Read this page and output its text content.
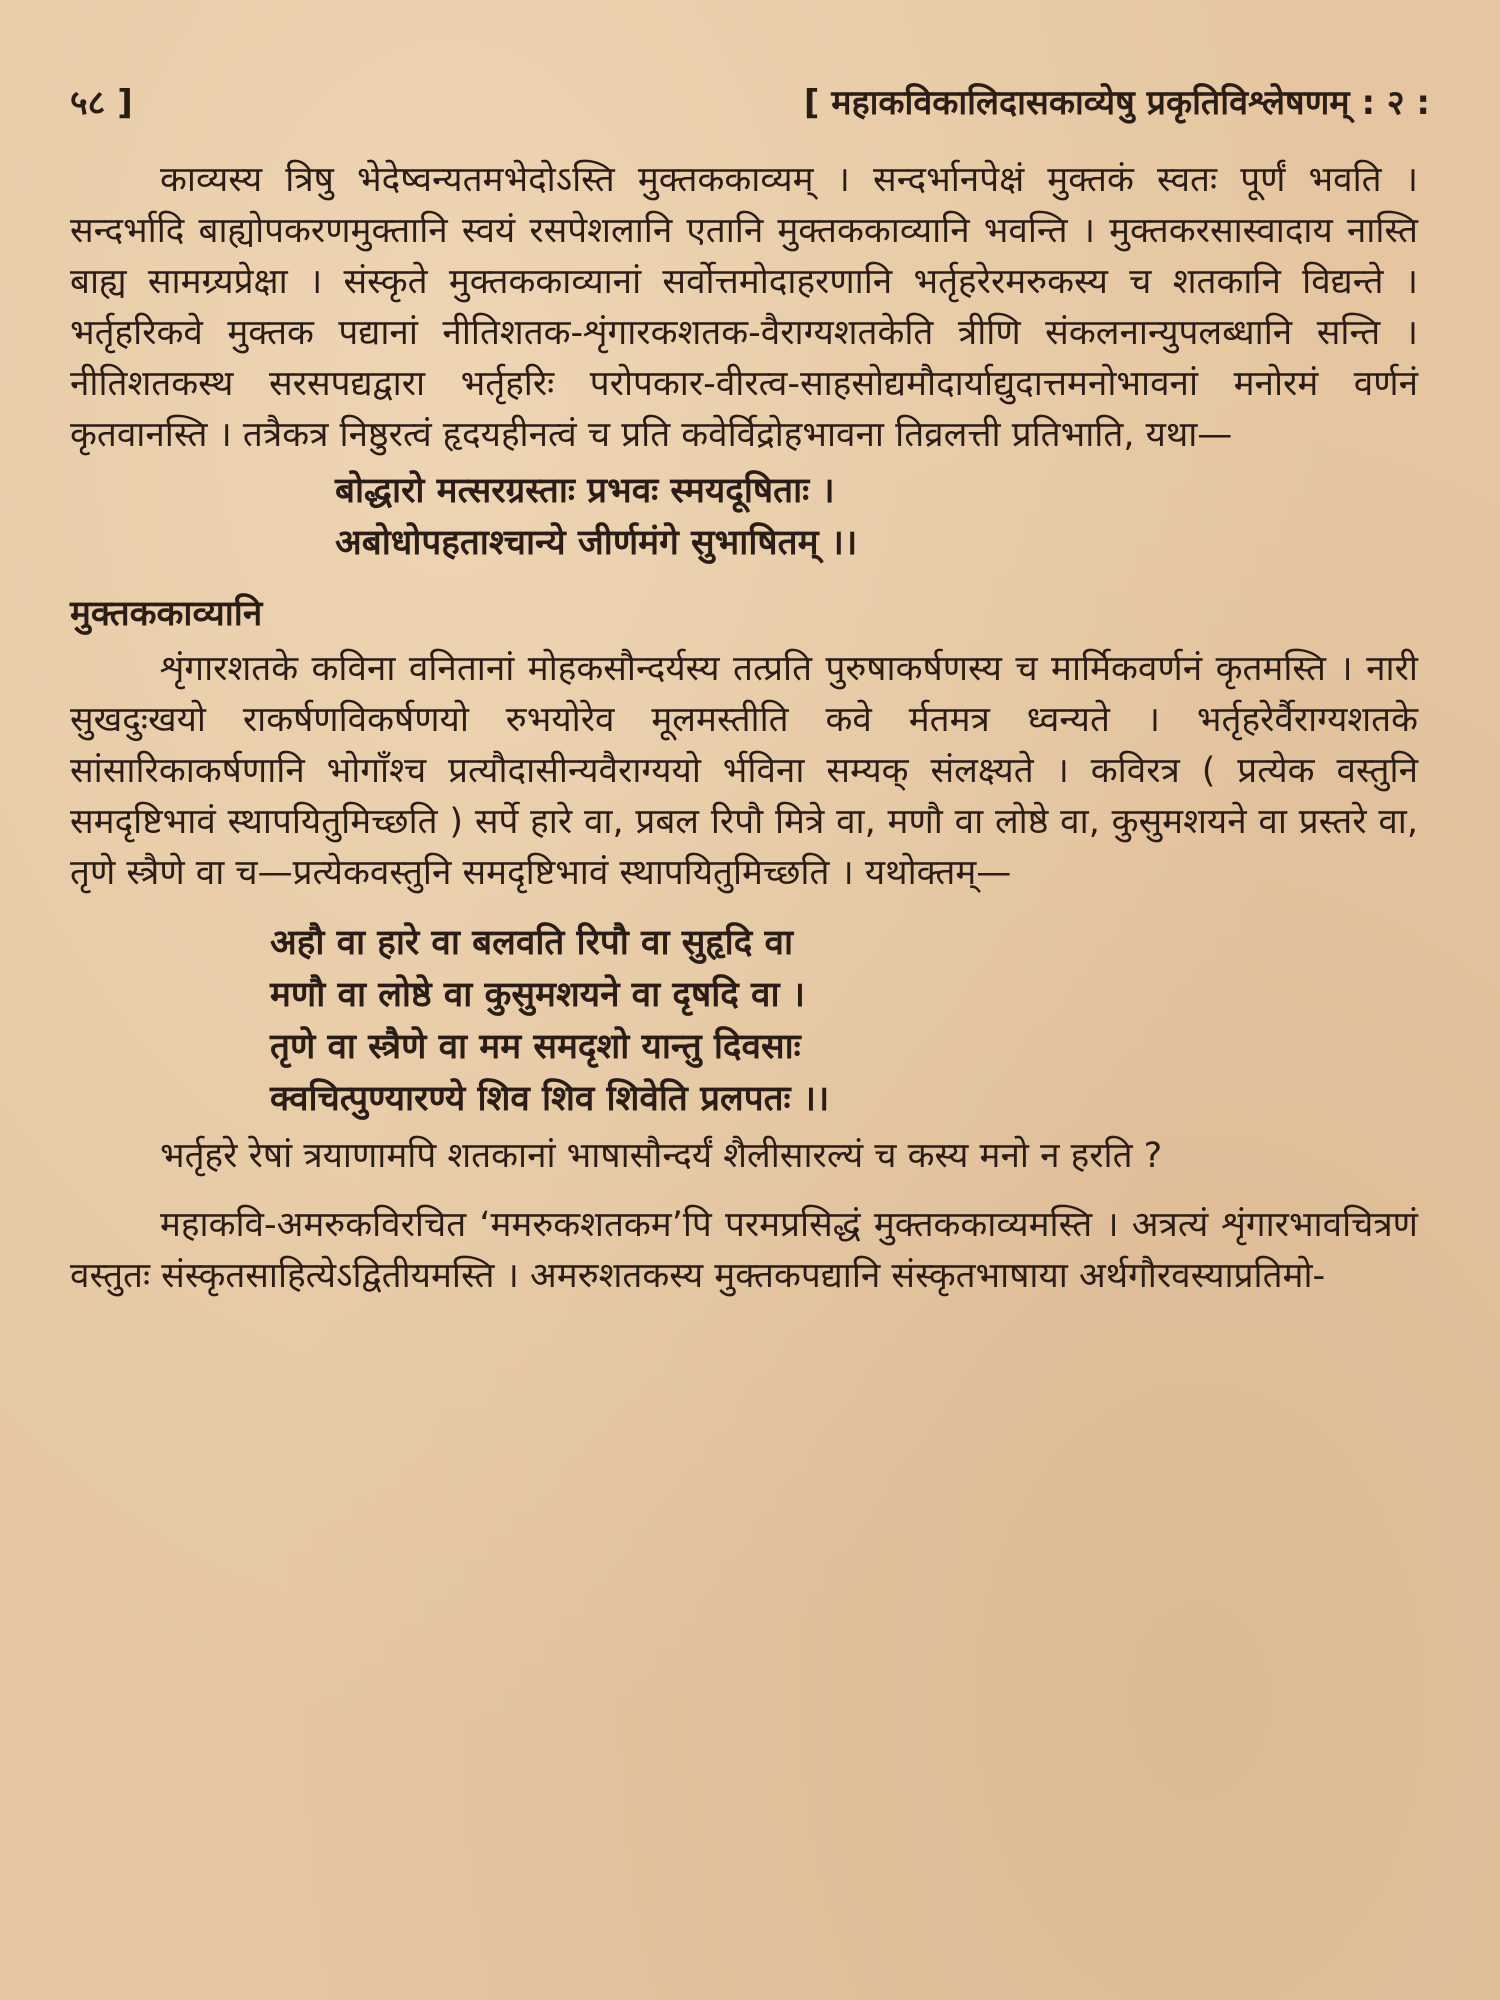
५८ ]	[ महाकविकालिदासकाव्येषु प्रकृतिविश्लेषणम् : २ :

काव्यस्य त्रिषु भेदेष्वन्यतमभेदोऽस्ति मुक्तककाव्यम् । सन्दर्भानपेक्षं मुक्तकं स्वतः पूर्णं भवति । सन्दर्भादि बाह्योपकरणमुक्तानि स्वयं रसपेशलानि एतानि मुक्तककाव्यानि भवन्ति । मुक्तकरसास्वादाय नास्ति बाह्य सामग्र्यप्रेक्षा । संस्कृते मुक्तककाव्यानां सर्वोत्तमोदाहरणानि भर्तृहरेरमरुकस्य च शतकानि विद्यन्ते । भर्तृहरिकवे मुक्तक पद्यानां नीतिशतक-शृंगारकशतक-वैराग्यशतकेति त्रीणि संकलनान्युपलब्धानि सन्ति । नीतिशतकस्थ सरसपद्यद्वारा भर्तृहरिः परोपकार-वीरत्व-साहसोद्यमौदार्याद्युदात्तमनोभावनां मनोरमं वर्णनं कृतवानस्ति । तत्रैकत्र निष्ठुरत्वं हृदयहीनत्वं च प्रति कवेर्विद्रोहभावना तिव्रलत्ती प्रतिभाति, यथा—

बोद्धारो मत्सरग्रस्ताः प्रभवः स्मयदूषिताः ।
अबोधोपहताश्चान्ये जीर्णमंगे सुभाषितम् ।।
मुक्तककाव्यानि

शृंगारशतके कविना वनितानां मोहकसौन्दर्यस्य तत्प्रति पुरुषाकर्षणस्य च मार्मिकवर्णनं कृतमस्ति । नारी सुखदुःखयो राकर्षणविकर्षणयो रुभयोरेव मूलमस्तीति कवे र्मतमत्र ध्वन्यते । भर्तृहरेर्वैराग्यशतके सांसारिकाकर्षणानि भोगाँश्च प्रत्यौदासीन्यवैराग्ययो र्भविना सम्यक् संलक्ष्यते । कविरत्र ( प्रत्येक वस्तुनि समदृष्टिभावं स्थापयितुमिच्छति ) सर्पे हारे वा, प्रबल रिपौ मित्रे वा, मणौ वा लोष्ठे वा, कुसुमशयने वा प्रस्तरे वा, तृणे स्त्रैणे वा च—प्रत्येकवस्तुनि समदृष्टिभावं स्थापयितुमिच्छति । यथोक्तम्—

अहौ वा हारे वा बलवति रिपौ वा सुहृदि वा
मणौ वा लोष्ठे वा कुसुमशयने वा दृषदि वा ।
तृणे वा स्त्रैणे वा मम समदृशो यान्तु दिवसाः
क्वचित्पुण्यारण्ये शिव शिव शिवेति प्रलपतः ।।

भर्तृहरे रेषां त्रयाणामपि शतकानां भाषासौन्दर्यं शैलीसारल्यं च कस्य मनो न हरति ?

महाकवि-अमरुकविरचित ‘ममरुकशतकम’पि परमप्रसिद्धं मुक्तककाव्यमस्ति । अत्रत्यं शृंगारभावचित्रणं वस्तुतः संस्कृतसाहित्येऽद्वितीयमस्ति । अमरुशतकस्य मुक्तकपद्यानि संस्कृतभाषाया अर्थगौरवस्याप्रतिमो-
